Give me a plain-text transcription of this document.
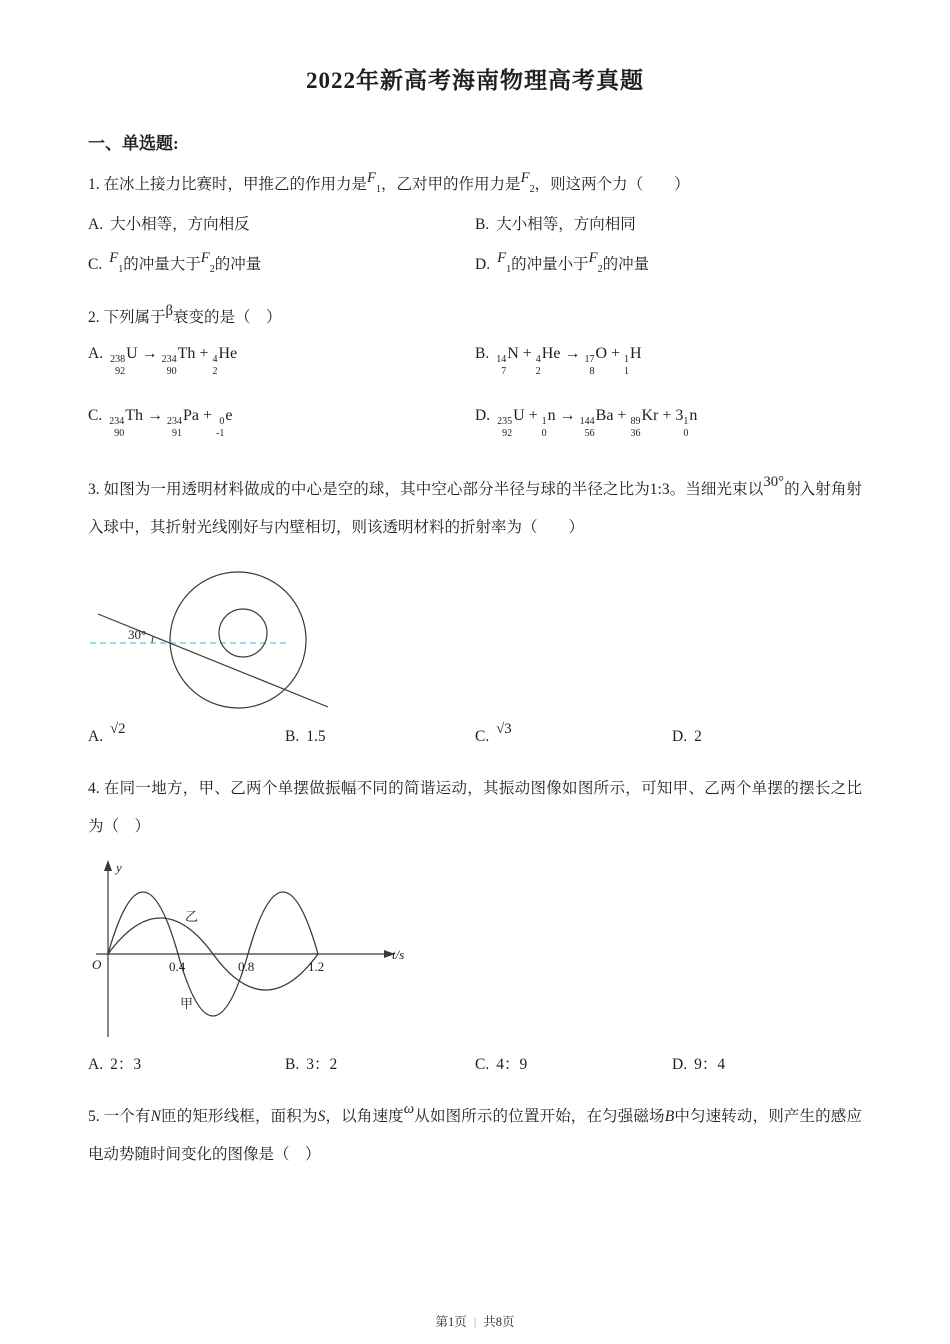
2022年新高考海南物理高考真题
一、单选题:

1. 在冰上接力比赛时，甲推乙的作用力是$F_1$，乙对甲的作用力是$F_2$，则这两个力（　　）

A. 大小相等，方向相反	B. 大小相等，方向相同
C. $F_1$的冲量大于$F_2$的冲量	D. $F_1$的冲量小于$F_2$的冲量

2. 下列属于β衰变的是（　）

A. 238
92
U → 234
90
Th + 4
2
He	B. 14
7
N + 4
2
He → 17
8
O + 1
1
H
C. 234
90
Th → 234
91
Pa + 0
-1
e	D. 235
92
U + 1
0
n → 144
56
Ba + 89
36
Kr + 3 1
0
n

3. 如图为一用透明材料做成的中心是空的球，其中空心部分半径与球的半径之比为1:3。当细光束以30°的入射角射入球中，其折射光线刚好与内壁相切，则该透明材料的折射率为（　　）

30°
A. √2	B. 1.5	C. √3	D. 2

4. 在同一地方，甲、乙两个单摆做振幅不同的简谐运动，其振动图像如图所示，可知甲、乙两个单摆的摆长之比为（　）

y
t/s
O	0.4	0.8	1.2
乙
甲
A. 2：3	B. 3：2	C. 4：9	D. 9：4

5. 一个有N匝的矩形线框，面积为S，以角速度ω从如图所示的位置开始，在匀强磁场B中匀速转动，则产生的感应电动势随时间变化的图像是（　）

第1页 | 共8页
